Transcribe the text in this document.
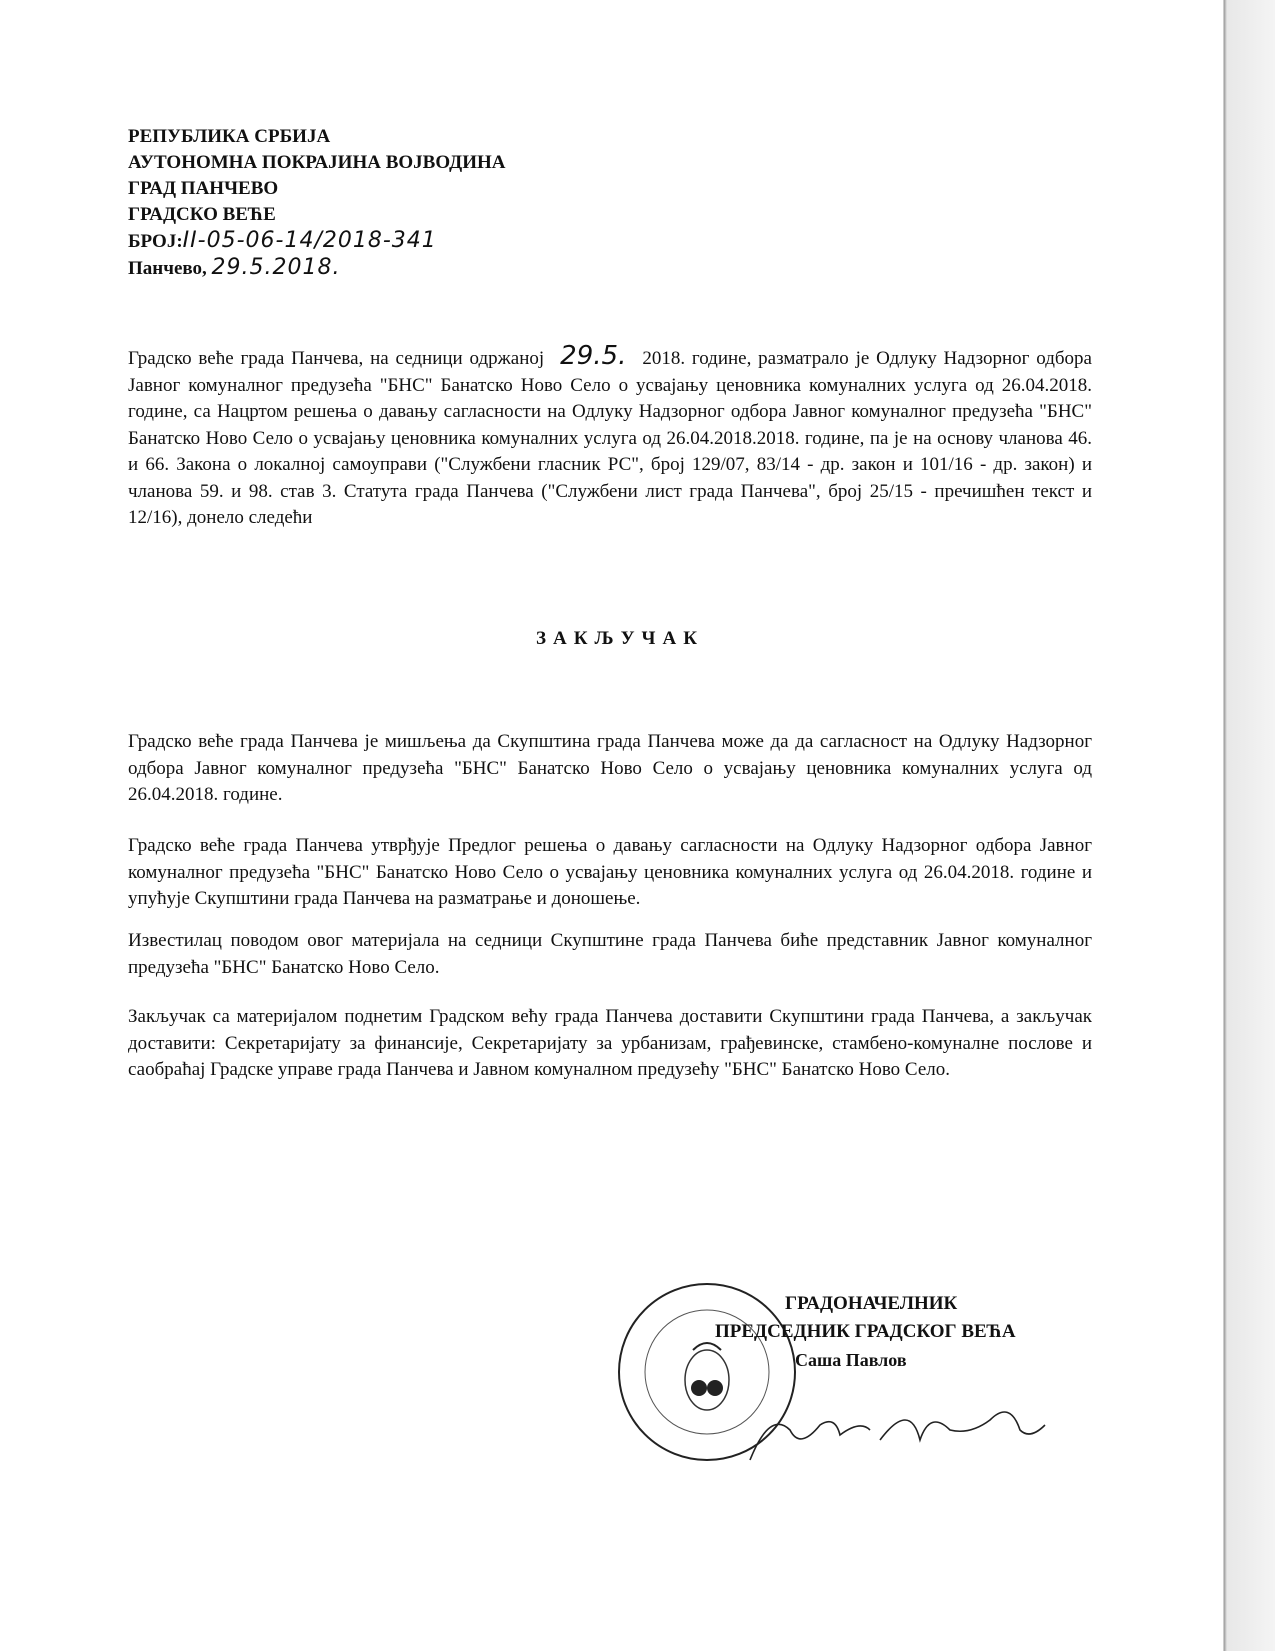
РЕПУБЛИКА СРБИЈА
АУТОНОМНА ПОКРАЈИНА ВОЈВОДИНА
ГРАД ПАНЧЕВО
ГРАДСКО ВЕЋЕ
БРОЈ:II-05-06-14/2018-341
Панчево, 29.5.2018.
Градско веће града Панчева, на седници одржаној 29.5. 2018. године, разматрало је Одлуку Надзорног одбора Јавног комуналног предузећа "БНС" Банатско Ново Село о усвајању ценовника комуналних услуга од 26.04.2018. године, са Нацртом решења о давању сагласности на Одлуку Надзорног одбора Јавног комуналног предузећа "БНС" Банатско Ново Село о усвајању ценовника комуналних услуга од 26.04.2018.2018. године, па је на основу чланова 46. и 66. Закона о локалној самоуправи ("Службени гласник РС", број 129/07, 83/14 - др. закон и 101/16 - др. закон) и чланова 59. и 98. став 3. Статута града Панчева ("Службени лист града Панчева", број 25/15 - пречишћен текст и 12/16), донело следећи
ЗАКЉУЧАК
Градско веће града Панчева је мишљења да Скупштина града Панчева може да да сагласност на Одлуку Надзорног одбора Јавног комуналног предузећа "БНС" Банатско Ново Село о усвајању ценовника комуналних услуга од 26.04.2018. године.
Градско веће града Панчева утврђује Предлог решења о давању сагласности на Одлуку Надзорног одбора Јавног комуналног предузећа "БНС" Банатско Ново Село о усвајању ценовника комуналних услуга од 26.04.2018. године и упућује Скупштини града Панчева на разматрање и доношење.
Известилац поводом овог материјала на седници Скупштине града Панчева биће представник Јавног комуналног предузећа "БНС" Банатско Ново Село.
Закључак са материјалом поднетим Градском већу града Панчева доставити Скупштини града Панчева, а закључак доставити: Секретаријату за финансије, Секретаријату за урбанизам, грађевинске, стамбено-комуналне послове и саобраћај Градске управе града Панчева и Јавном комуналном предузећу "БНС" Банатско Ново Село.
ГРАДОНАЧЕЛНИК
ПРЕДСЕДНИК ГРАДСКОГ ВЕЋА
Саша Павлов
